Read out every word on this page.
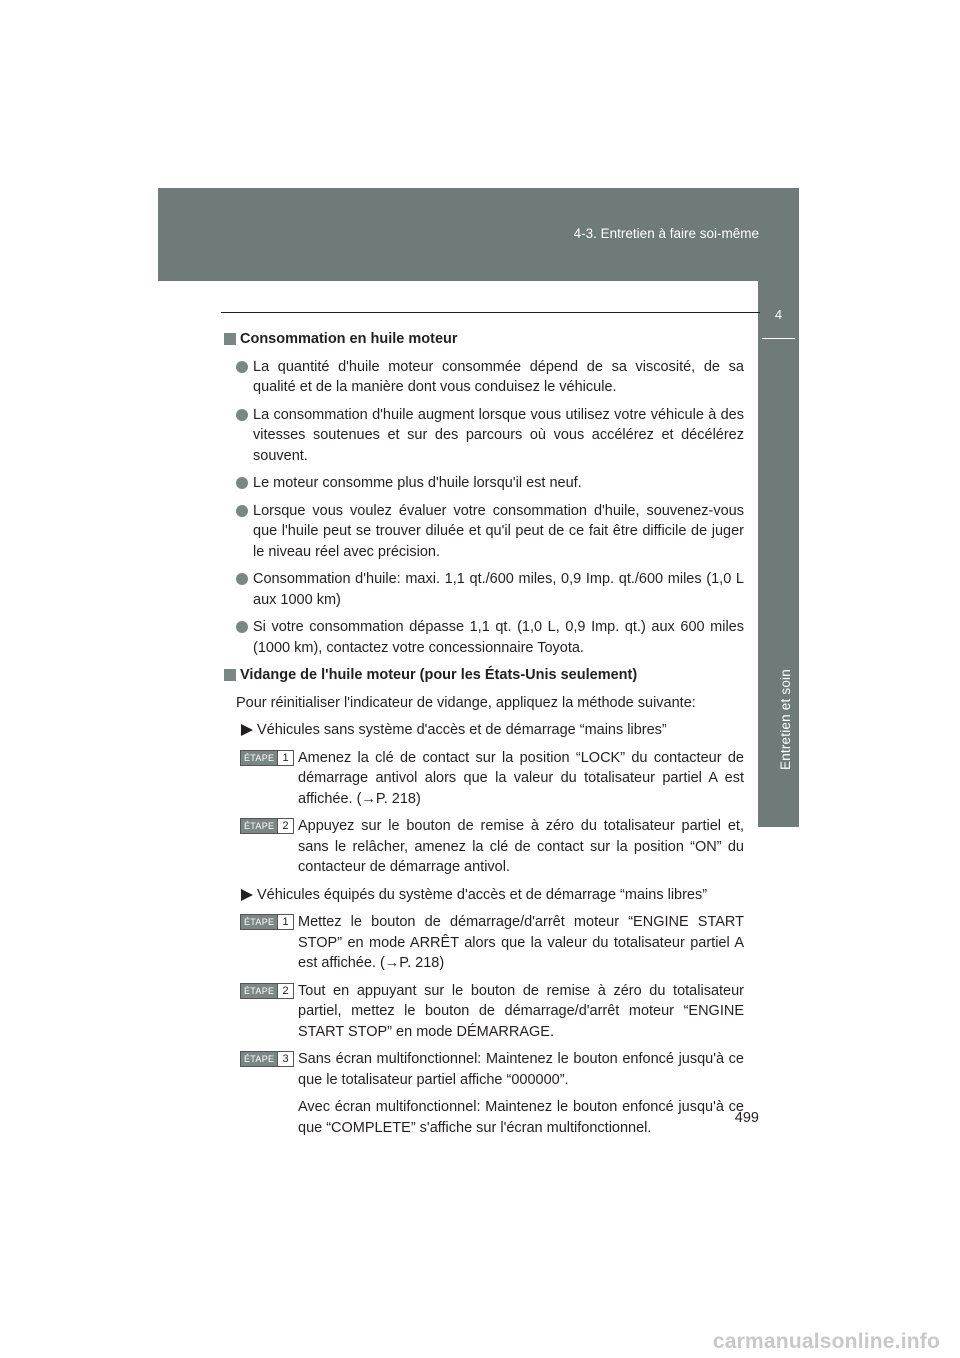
4-3. Entretien à faire soi-même
4
Entretien et soin
Consommation en huile moteur
La quantité d'huile moteur consommée dépend de sa viscosité, de sa qualité et de la manière dont vous conduisez le véhicule.
La consommation d'huile augment lorsque vous utilisez votre véhicule à des vitesses soutenues et sur des parcours où vous accélérez et décélérez souvent.
Le moteur consomme plus d'huile lorsqu'il est neuf.
Lorsque vous voulez évaluer votre consommation d'huile, souvenez-vous que l'huile peut se trouver diluée et qu'il peut de ce fait être difficile de juger le niveau réel avec précision.
Consommation d'huile: maxi. 1,1 qt./600 miles, 0,9 Imp. qt./600 miles (1,0 L aux 1000 km)
Si votre consommation dépasse 1,1 qt. (1,0 L, 0,9 Imp. qt.) aux 600 miles (1000 km), contactez votre concessionnaire Toyota.
Vidange de l'huile moteur (pour les États-Unis seulement)
Pour réinitialiser l'indicateur de vidange, appliquez la méthode suivante:
Véhicules sans système d'accès et de démarrage “mains libres”
ÉTAPE 1 Amenez la clé de contact sur la position “LOCK” du contacteur de démarrage antivol alors que la valeur du totalisateur partiel A est affichée. (→P. 218)
ÉTAPE 2 Appuyez sur le bouton de remise à zéro du totalisateur partiel et, sans le relâcher, amenez la clé de contact sur la position “ON” du contacteur de démarrage antivol.
Véhicules équipés du système d'accès et de démarrage “mains libres”
ÉTAPE 1 Mettez le bouton de démarrage/d'arrêt moteur “ENGINE START STOP” en mode ARRÊT alors que la valeur du totalisateur partiel A est affichée. (→P. 218)
ÉTAPE 2 Tout en appuyant sur le bouton de remise à zéro du totalisateur partiel, mettez le bouton de démarrage/d'arrêt moteur “ENGINE START STOP” en mode DÉMARRAGE.
ÉTAPE 3 Sans écran multifonctionnel: Maintenez le bouton enfoncé jusqu'à ce que le totalisateur partiel affiche “000000”.
Avec écran multifonctionnel: Maintenez le bouton enfoncé jusqu'à ce que “COMPLETE” s'affiche sur l'écran multifonctionnel.
499
carmanualsonline.info
